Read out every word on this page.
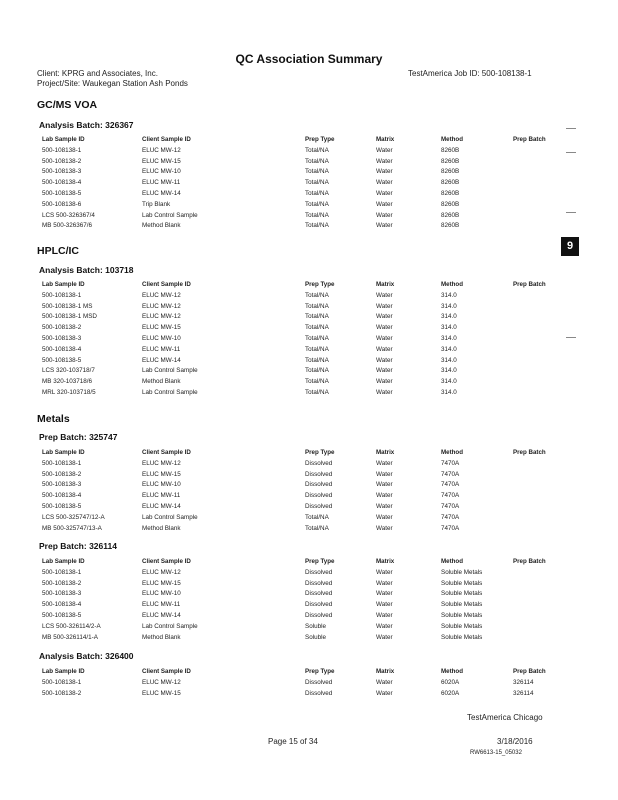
QC Association Summary
Client: KPRG and Associates, Inc.
Project/Site: Waukegan Station Ash Ponds
TestAmerica Job ID: 500-108138-1
GC/MS VOA
Analysis Batch: 326367
Lab Sample ID	Client Sample ID	Prep Type	Matrix	Method	Prep Batch
500-108138-1	ELUC MW-12	Total/NA	Water	8260B
500-108138-2	ELUC MW-15	Total/NA	Water	8260B
500-108138-3	ELUC MW-10	Total/NA	Water	8260B
500-108138-4	ELUC MW-11	Total/NA	Water	8260B
500-108138-5	ELUC MW-14	Total/NA	Water	8260B
500-108138-6	Trip Blank	Total/NA	Water	8260B
LCS 500-326367/4	Lab Control Sample	Total/NA	Water	8260B
MB 500-326367/6	Method Blank	Total/NA	Water	8260B
HPLC/IC
Analysis Batch: 103718
Lab Sample ID	Client Sample ID	Prep Type	Matrix	Method	Prep Batch
500-108138-1	ELUC MW-12	Total/NA	Water	314.0
500-108138-1 MS	ELUC MW-12	Total/NA	Water	314.0
500-108138-1 MSD	ELUC MW-12	Total/NA	Water	314.0
500-108138-2	ELUC MW-15	Total/NA	Water	314.0
500-108138-3	ELUC MW-10	Total/NA	Water	314.0
500-108138-4	ELUC MW-11	Total/NA	Water	314.0
500-108138-5	ELUC MW-14	Total/NA	Water	314.0
LCS 320-103718/7	Lab Control Sample	Total/NA	Water	314.0
MB 320-103718/6	Method Blank	Total/NA	Water	314.0
MRL 320-103718/5	Lab Control Sample	Total/NA	Water	314.0
Metals
Prep Batch: 325747
Lab Sample ID	Client Sample ID	Prep Type	Matrix	Method	Prep Batch
500-108138-1	ELUC MW-12	Dissolved	Water	7470A
500-108138-2	ELUC MW-15	Dissolved	Water	7470A
500-108138-3	ELUC MW-10	Dissolved	Water	7470A
500-108138-4	ELUC MW-11	Dissolved	Water	7470A
500-108138-5	ELUC MW-14	Dissolved	Water	7470A
LCS 500-325747/12-A	Lab Control Sample	Total/NA	Water	7470A
MB 500-325747/13-A	Method Blank	Total/NA	Water	7470A
Prep Batch: 326114
Lab Sample ID	Client Sample ID	Prep Type	Matrix	Method	Prep Batch
500-108138-1	ELUC MW-12	Dissolved	Water	Soluble Metals
500-108138-2	ELUC MW-15	Dissolved	Water	Soluble Metals
500-108138-3	ELUC MW-10	Dissolved	Water	Soluble Metals
500-108138-4	ELUC MW-11	Dissolved	Water	Soluble Metals
500-108138-5	ELUC MW-14	Dissolved	Water	Soluble Metals
LCS 500-326114/2-A	Lab Control Sample	Soluble	Water	Soluble Metals
MB 500-326114/1-A	Method Blank	Soluble	Water	Soluble Metals
Analysis Batch: 326400
Lab Sample ID	Client Sample ID	Prep Type	Matrix	Method	Prep Batch
500-108138-1	ELUC MW-12	Dissolved	Water	6020A	326114
500-108138-2	ELUC MW-15	Dissolved	Water	6020A	326114
9
TestAmerica Chicago
Page 15 of 34	3/18/2016
RW6613-15_05032
